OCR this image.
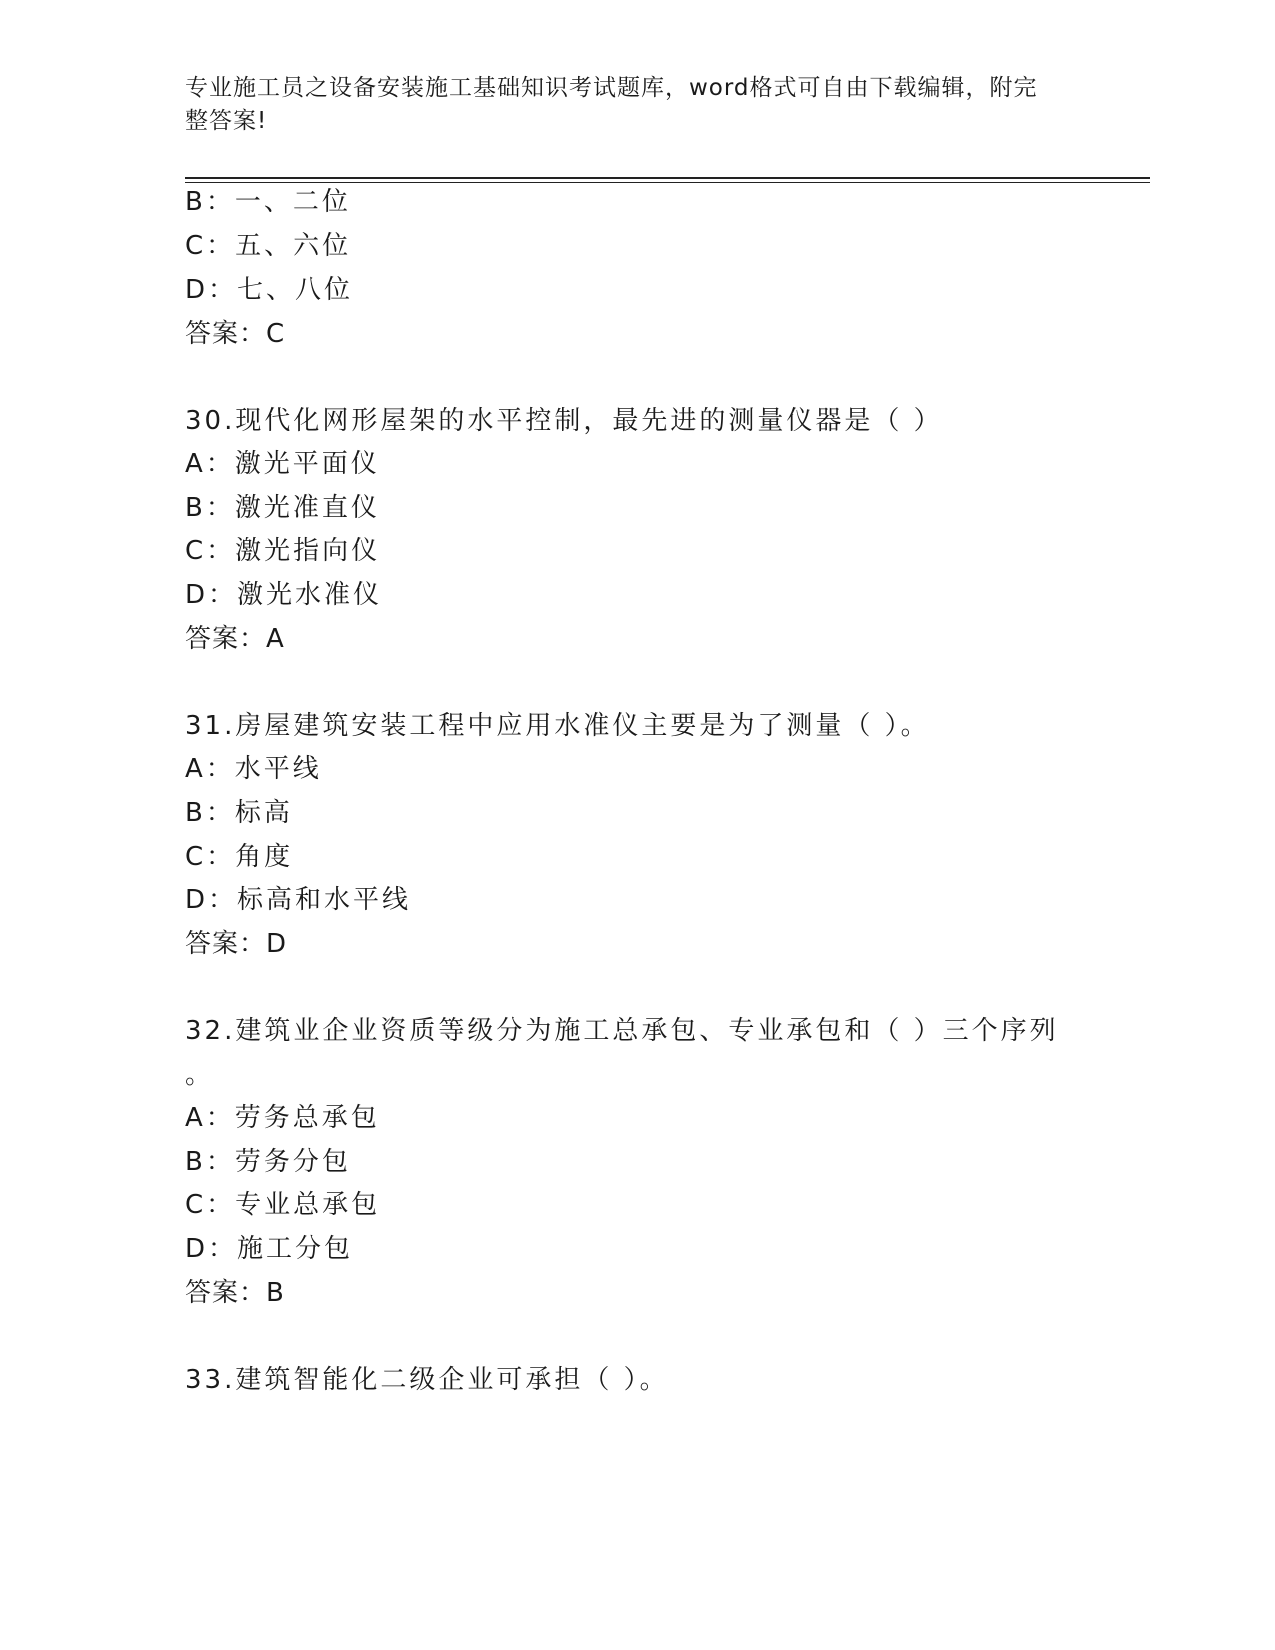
专业施工员之设备安装施工基础知识考试题库，word格式可自由下载编辑，附完
整答案!
B：一、二位
C：五、六位
D：七、八位
答案：C
30.现代化网形屋架的水平控制，最先进的测量仪器是（ ）
A：激光平面仪
B：激光准直仪
C：激光指向仪
D：激光水准仪
答案：A
31.房屋建筑安装工程中应用水准仪主要是为了测量（ ）。
A：水平线
B：标高
C：角度
D：标高和水平线
答案：D
32.建筑业企业资质等级分为施工总承包、专业承包和（ ）三个序列
。
A：劳务总承包
B：劳务分包
C：专业总承包
D：施工分包
答案：B
33.建筑智能化二级企业可承担（ ）。
